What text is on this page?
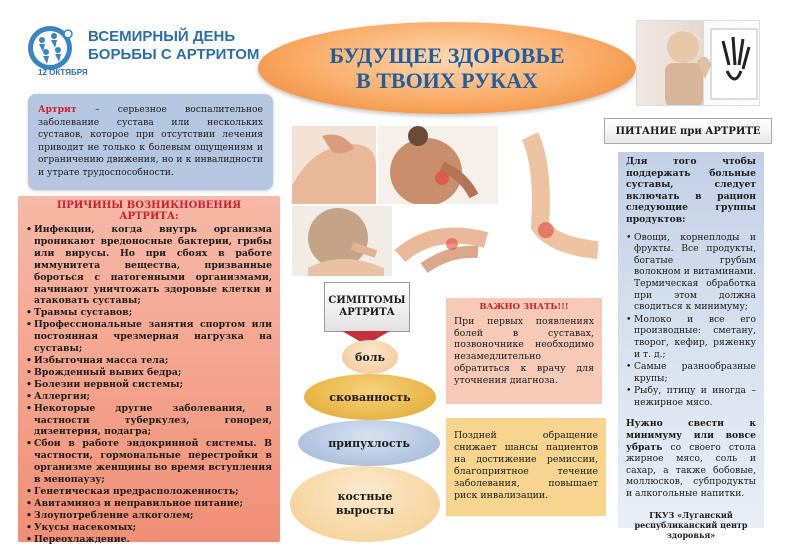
12 ОКТЯБРЯ
ВСЕМИРНЫЙ ДЕНЬ БОРЬБЫ С АРТРИТОМ	БУДУЩЕЕ ЗДОРОВЬЕ
В ТВОИХ РУКАХ
Артрит – серьезное воспалительное заболевание сустава или нескольких суставов, которое при отсутствии лечения приводит не только к болевым ощущениям и ограничению движения, но и к инвалидности и утрате трудоспособности.
ПРИЧИНЫ ВОЗНИКНОВЕНИЯ АРТРИТА:
• Инфекции, когда внутрь организма проникают вредоносные бактерии, грибы или вирусы. Но при сбоях в работе иммунитета вещества, призванные бороться с патогенными организмами, начинают уничтожать здоровые клетки и атаковать суставы;
• Травмы суставов;
• Профессиональные занятия спортом или постоянная чрезмерная нагрузка на суставы;
• Избыточная масса тела;
• Врожденный вывих бедра;
• Болезни нервной системы;
• Аллергия;
• Некоторые другие заболевания, в частности туберкулез, гонорея, дизентерия, подагра;
• Сбои в работе эндокринной системы. В частности, гормональные перестройки в организме женщины во время вступления в менопаузу;
• Генетическая предрасположенность;
• Авитаминоз и неправильное питание;
• Злоупотребление алкоголем;
• Укусы насекомых;
• Переохлаждение.
СИМПТОМЫ АРТРИТА
боль
скованность
припухлость
костные выросты
ВАЖНО ЗНАТЬ!!!
При первых появлениях болей в суставах, позвоночнике необходимо незамедлительно обратиться к врачу для уточнения диагноза.
Поздней обращение снижает шансы пациентов на достижение ремиссии, благоприятное течение заболевания, повышает риск инвализации.
ПИТАНИЕ при АРТРИТЕ
Для того чтобы поддержать больные суставы, следует включать в рацион следующие группы продуктов:
• Овощи, корнеплоды и фрукты. Все продукты, богатые грубым волокном и витаминами. Термическая обработка при этом должна сводиться к минимуму;
• Молоко и все его производные: сметану, творог, кефир, ряженку и т. д.;
• Самые разнообразные крупы;
• Рыбу, птицу и иногда – нежирное мясо.
Нужно свести к минимуму или вовсе убрать со своего стола жирное мясо, соль и сахар, а также бобовые, моллюсков, субпродукты и алкогольные напитки.
ГКУЗ «Луганский республиканский центр здоровья»
